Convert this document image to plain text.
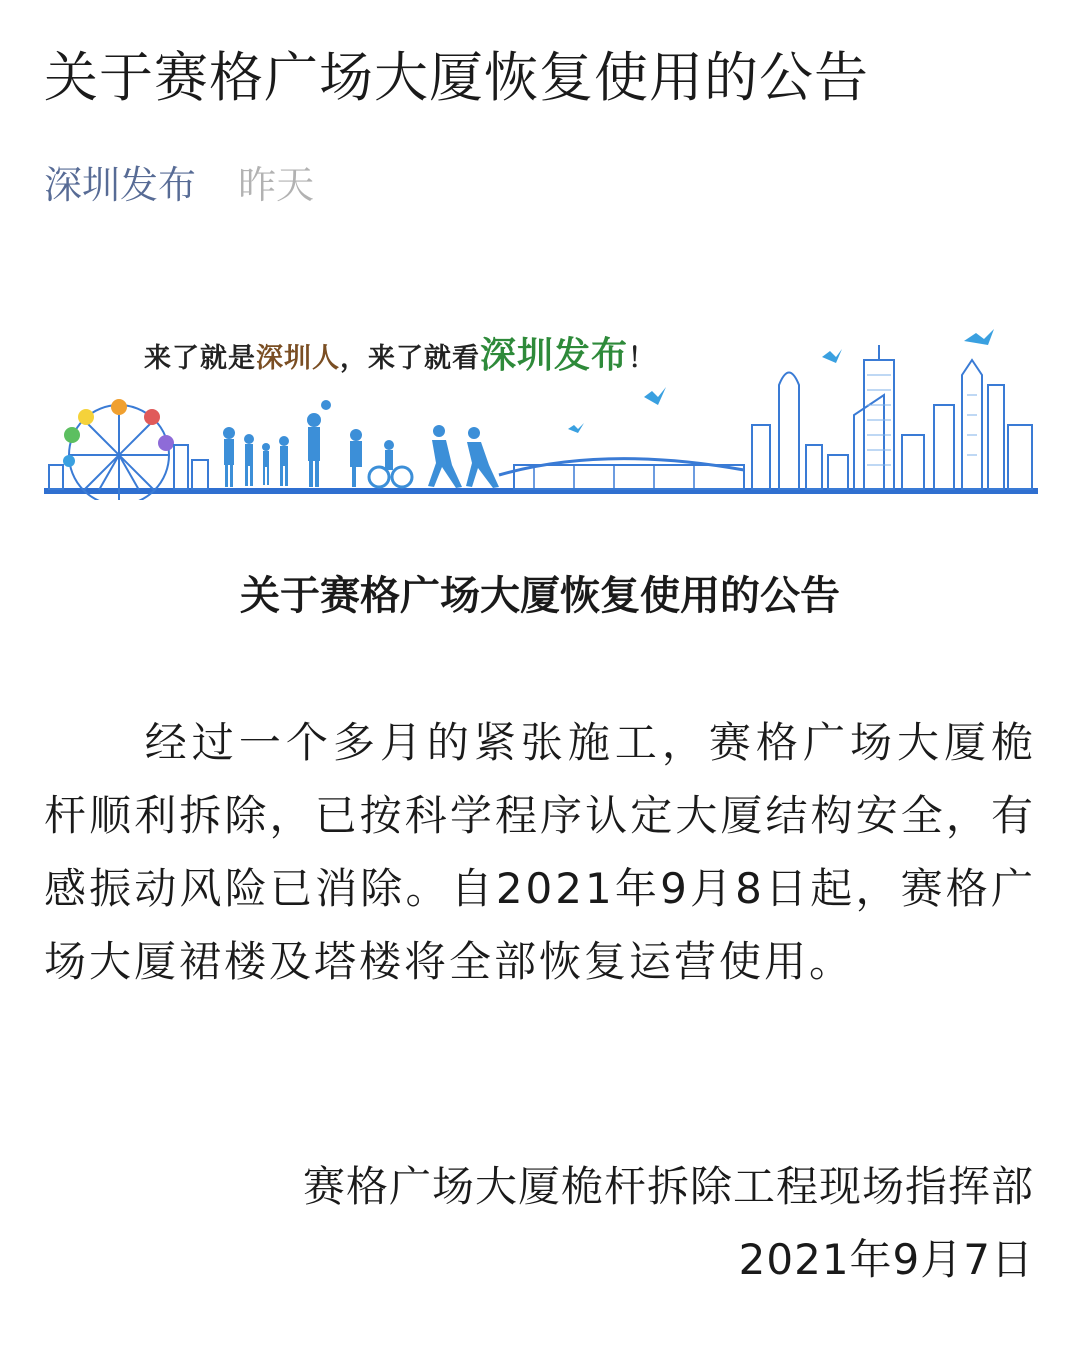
关于赛格广场大厦恢复使用的公告
深圳发布 昨天
来了就是深圳人，来了就看深圳发布！
关于赛格广场大厦恢复使用的公告
经过一个多月的紧张施工，赛格广场大厦桅杆顺利拆除，已按科学程序认定大厦结构安全，有感振动风险已消除。自2021年9月8日起，赛格广场大厦裙楼及塔楼将全部恢复运营使用。
赛格广场大厦桅杆拆除工程现场指挥部
2021年9月7日
